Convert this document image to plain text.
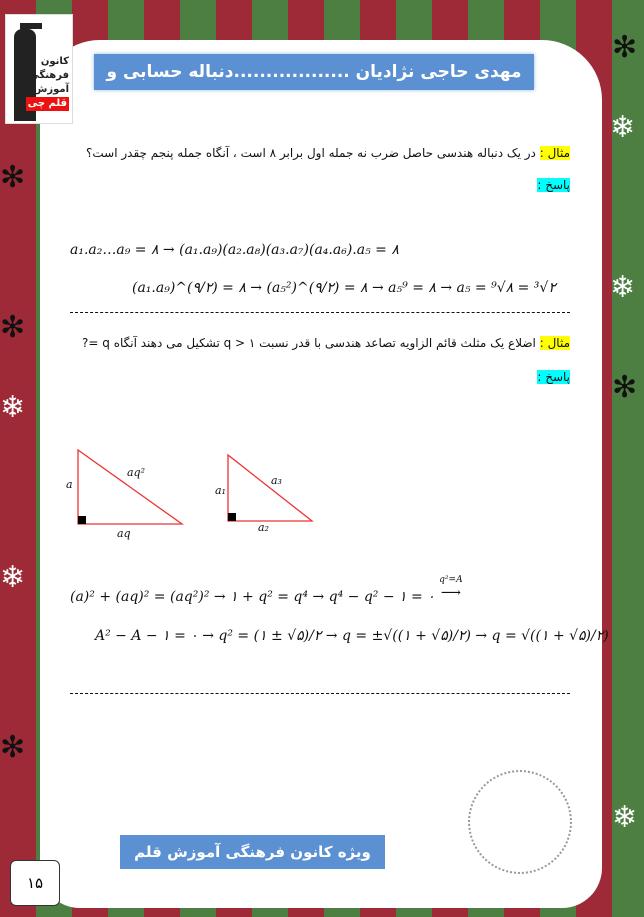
✻
❄
✻
❄
✻
❄
✻
❄
✻
❄
کانون
فرهنگی
آموزش
قلم چی
مهدی حاجی نژادیان ..................دنباله حسابی و هندسی
مثال : در یک دنباله هندسی حاصل ضرب نه جمله اول برابر ۸ است ، آنگاه جمله پنجم چقدر است؟
پاسخ :
a₁.a₂…a₉ = ۸ → (a₁.a₉)(a₂.a₈)(a₃.a₇)(a₄.a₆).a₅ = ۸
(a₁.a₉)^(۹/۲) = ۸ → (a₅²)^(۹/۲) = ۸ → a₅⁹ = ۸ → a₅ = ⁹√۸ = ³√۲
مثال : اضلاع یک مثلث قائم الزاویه تصاعد هندسی با قدر نسبت q > ۱ تشکیل می دهند آنگاه q =?
پاسخ :
a
aq²
aq
a₁
a₃
a₂
(a)² + (aq)² = (aq²)² → ۱ + q² = q⁴ → q⁴ − q² − ۱ = ۰ q²=A
⟶
A² − A − ۱ = ۰ → q² = (۱ ± √۵)/۲ → q = ±√((۱ + √۵)/۲) → q = √((۱ + √۵)/۲)
ویژه کانون فرهنگی آموزش قلم چی
۱۵
